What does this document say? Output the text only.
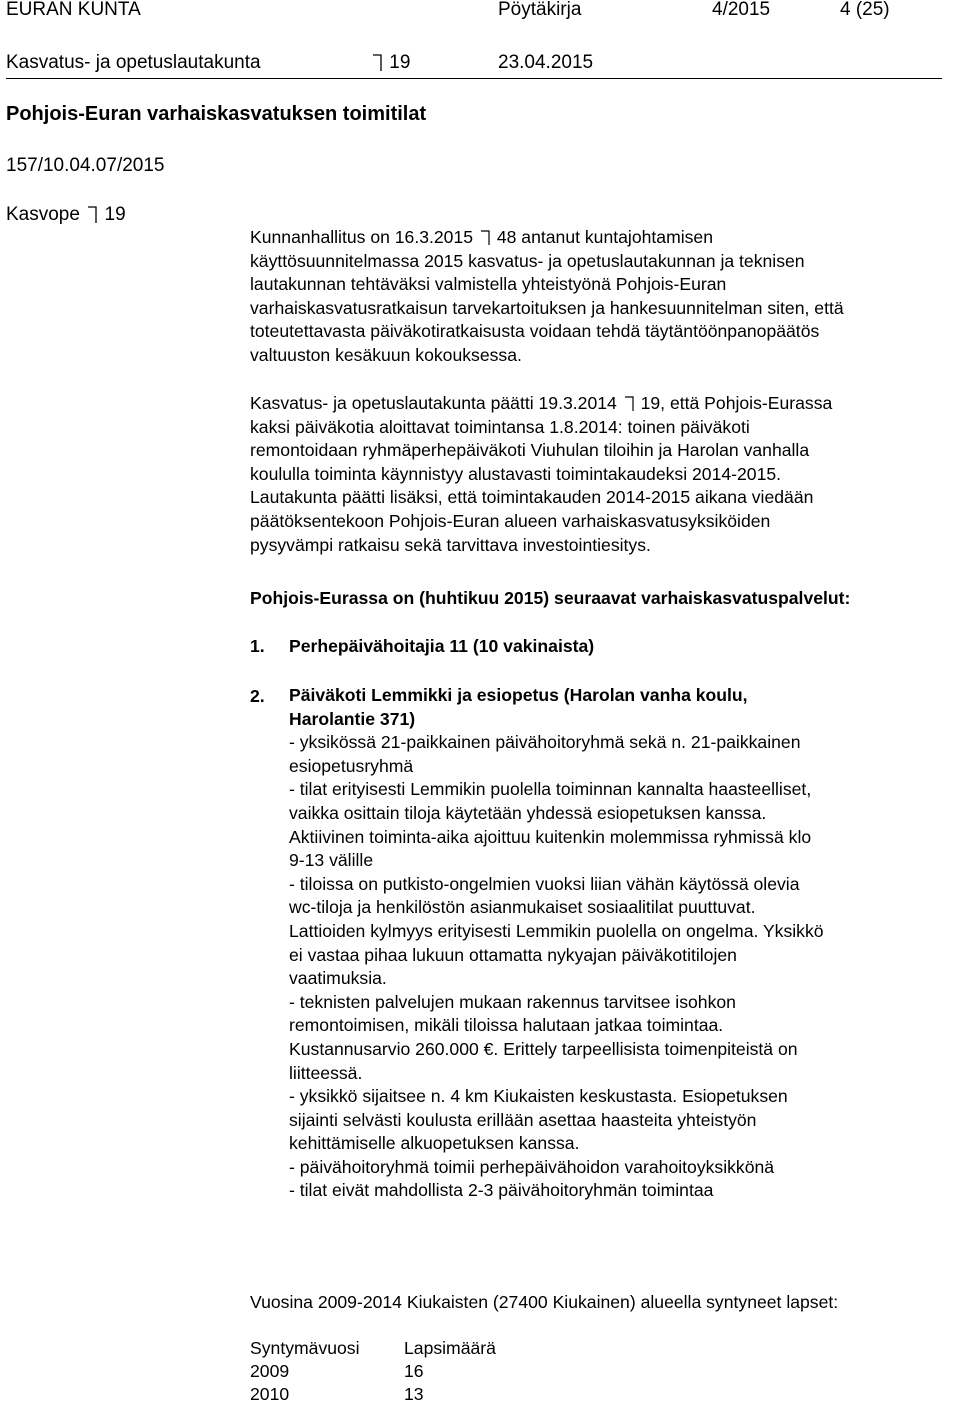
EURAN KUNTA	Pöytäkirja	4/2015	4 (25)
Kasvatus- ja opetuslautakunta	19	23.04.2015
Pohjois-Euran varhaiskasvatuksen toimitilat
157/10.04.07/2015
Kasvope 19
Kunnanhallitus on 16.3.2015 48 antanut kuntajohtamisen
käyttösuunnitelmassa 2015 kasvatus- ja opetuslautakunnan ja teknisen
lautakunnan tehtäväksi valmistella yhteistyönä Pohjois-Euran
varhaiskasvatusratkaisun tarvekartoituksen ja hankesuunnitelman siten, että
toteutettavasta päiväkotiratkaisusta voidaan tehdä täytäntöönpanopäätös
valtuuston kesäkuun kokouksessa.
Kasvatus- ja opetuslautakunta päätti 19.3.2014 19, että Pohjois-Eurassa
kaksi päiväkotia aloittavat toimintansa 1.8.2014: toinen päiväkoti
remontoidaan ryhmäperhepäiväkoti Viuhulan tiloihin ja Harolan vanhalla
koululla toiminta käynnistyy alustavasti toimintakaudeksi 2014-2015.
Lautakunta päätti lisäksi, että toimintakauden 2014-2015 aikana viedään
päätöksentekoon Pohjois-Euran alueen varhaiskasvatusyksiköiden
pysyvämpi ratkaisu sekä tarvittava investointiesitys.
Pohjois-Eurassa on (huhtikuu 2015) seuraavat varhaiskasvatuspalvelut:
1. Perhepäivähoitajia 11 (10 vakinaista)
2. Päiväkoti Lemmikki ja esiopetus (Harolan vanha koulu,
Harolantie 371)
- yksikössä 21-paikkainen päivähoitoryhmä sekä n. 21-paikkainen
esiopetusryhmä
- tilat erityisesti Lemmikin puolella toiminnan kannalta haasteelliset,
vaikka osittain tiloja käytetään yhdessä esiopetuksen kanssa.
Aktiivinen toiminta-aika ajoittuu kuitenkin molemmissa ryhmissä klo
9-13 välille
- tiloissa on putkisto-ongelmien vuoksi liian vähän käytössä olevia
wc-tiloja ja henkilöstön asianmukaiset sosiaalitilat puuttuvat.
Lattioiden kylmyys erityisesti Lemmikin puolella on ongelma. Yksikkö
ei vastaa pihaa lukuun ottamatta nykyajan päiväkotitilojen
vaatimuksia.
- teknisten palvelujen mukaan rakennus tarvitsee isohkon
remontoimisen, mikäli tiloissa halutaan jatkaa toimintaa.
Kustannusarvio 260.000 €. Erittely tarpeellisista toimenpiteistä on
liitteessä.
- yksikkö sijaitsee n. 4 km Kiukaisten keskustasta. Esiopetuksen
sijainti selvästi koulusta erillään asettaa haasteita yhteistyön
kehittämiselle alkuopetuksen kanssa.
- päivähoitoryhmä toimii perhepäivähoidon varahoitoyksikkönä
- tilat eivät mahdollista 2-3 päivähoitoryhmän toimintaa
Vuosina 2009-2014 Kiukaisten (27400 Kiukainen) alueella syntyneet lapset:
Syntymävuosi	Lapsimäärä
2009	16
2010	13
